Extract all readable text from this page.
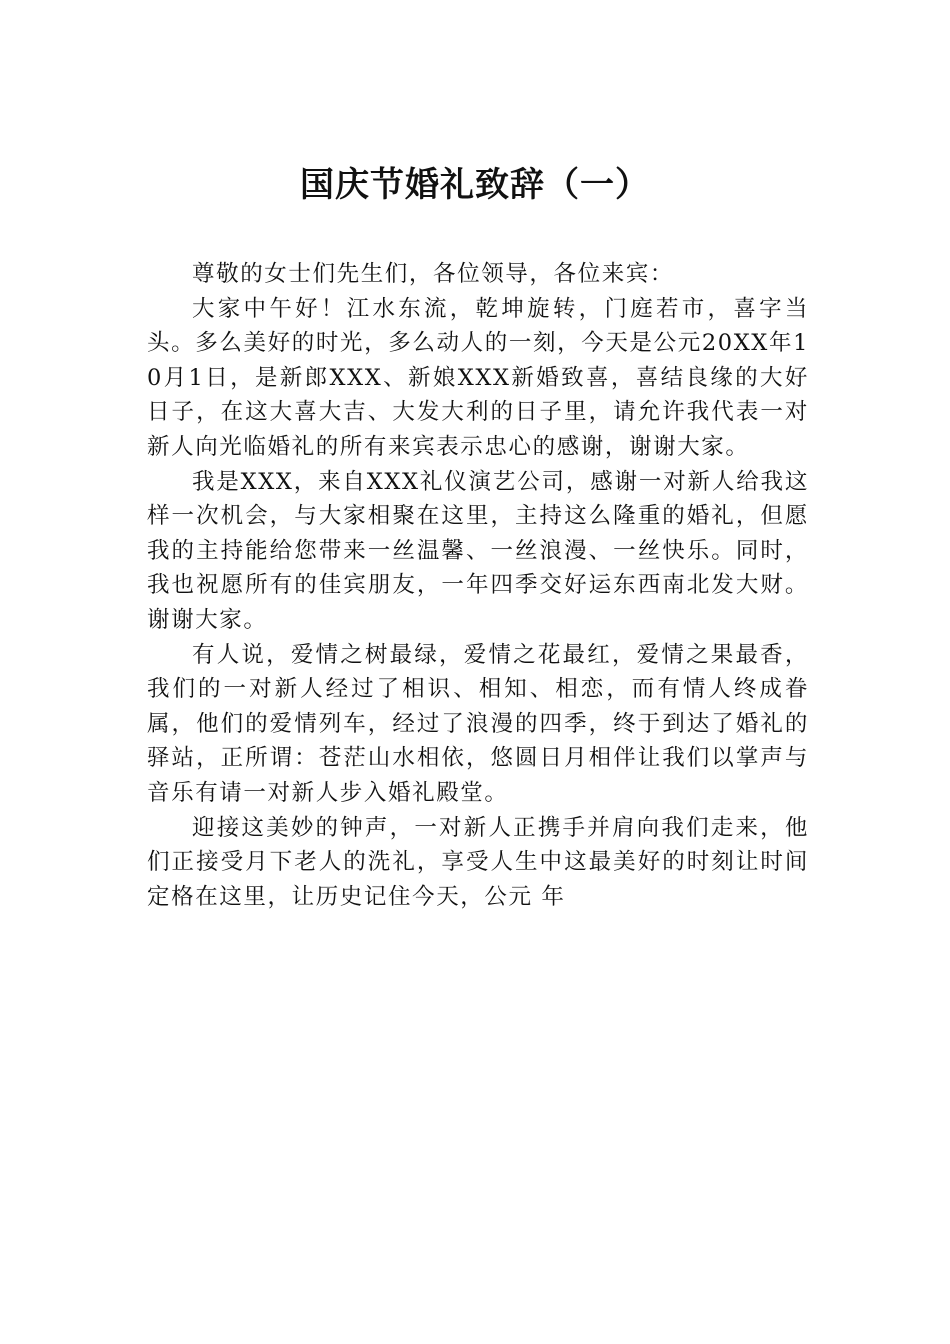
国庆节婚礼致辞（一）

尊敬的女士们先生们，各位领导，各位来宾：

大家中午好！江水东流，乾坤旋转，门庭若市，喜字当头。多么美好的时光，多么动人的一刻，今天是公元20XX年10月1日，是新郎XXX、新娘XXX新婚致喜，喜结良缘的大好日子，在这大喜大吉、大发大利的日子里，请允许我代表一对新人向光临婚礼的所有来宾表示忠心的感谢，谢谢大家。

我是XXX，来自XXX礼仪演艺公司，感谢一对新人给我这样一次机会，与大家相聚在这里，主持这么隆重的婚礼，但愿我的主持能给您带来一丝温馨、一丝浪漫、一丝快乐。同时，我也祝愿所有的佳宾朋友，一年四季交好运东西南北发大财。谢谢大家。

有人说，爱情之树最绿，爱情之花最红，爱情之果最香，我们的一对新人经过了相识、相知、相恋，而有情人终成眷属，他们的爱情列车，经过了浪漫的四季，终于到达了婚礼的驿站，正所谓：苍茫山水相依，悠圆日月相伴让我们以掌声与音乐有请一对新人步入婚礼殿堂。

迎接这美妙的钟声，一对新人正携手并肩向我们走来，他们正接受月下老人的洗礼，享受人生中这最美好的时刻让时间定格在这里，让历史记住今天，公元 年
